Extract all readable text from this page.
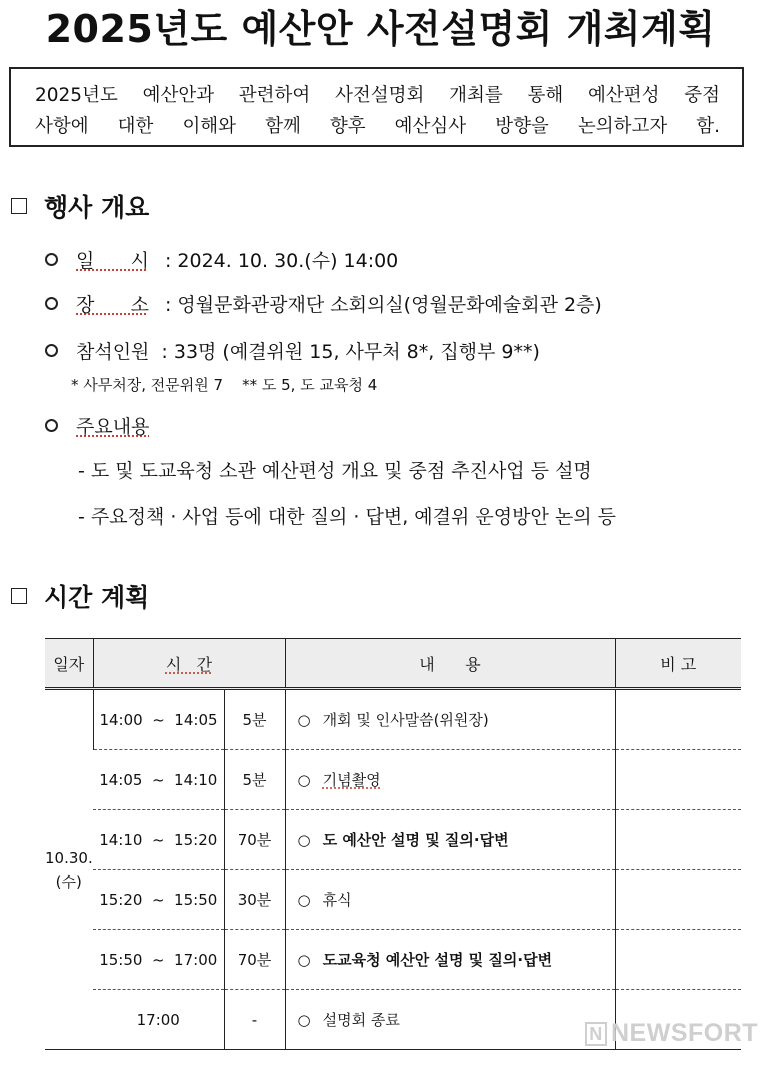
2025년도 예산안 사전설명회 개최계획

2025년도 예산안과 관련하여 사전설명회 개최를 통해 예산편성 중점

사항에 대한 이해와 함께 향후 예산심사 방향을 논의하고자 함.

행사 개요
일      시 : 2024. 10. 30.(수) 14:00
장      소 : 영월문화관광재단 소회의실(영월문화예술회관 2층)
참석인원 : 33명 (예결위원 15, 사무처 8*, 집행부 9**)
* 사무처장, 전문위원 7    ** 도 5, 도 교육청 4
주요내용
- 도 및 도교육청 소관 예산편성 개요 및 중점 추진사업 등 설명
- 주요정책 · 사업 등에 대한 질의 · 답변, 예결위 운영방안 논의 등
시간 계획
일자	시   간		내      용	비 고
10.30.
(수)	14:00  ~  14:05	5분	○ 개회 및 인사말씀(위원장)	
	14:05  ~  14:10	5분	○ 기념촬영	
	14:10  ~  15:20	70분	○ 도 예산안 설명 및 질의·답변	
	15:20  ~  15:50	30분	○ 휴식	
	15:50  ~  17:00	70분	○ 도교육청 예산안 설명 및 질의·답변	
	17:00	-	○ 설명회 종료	
N NEWSFORT
